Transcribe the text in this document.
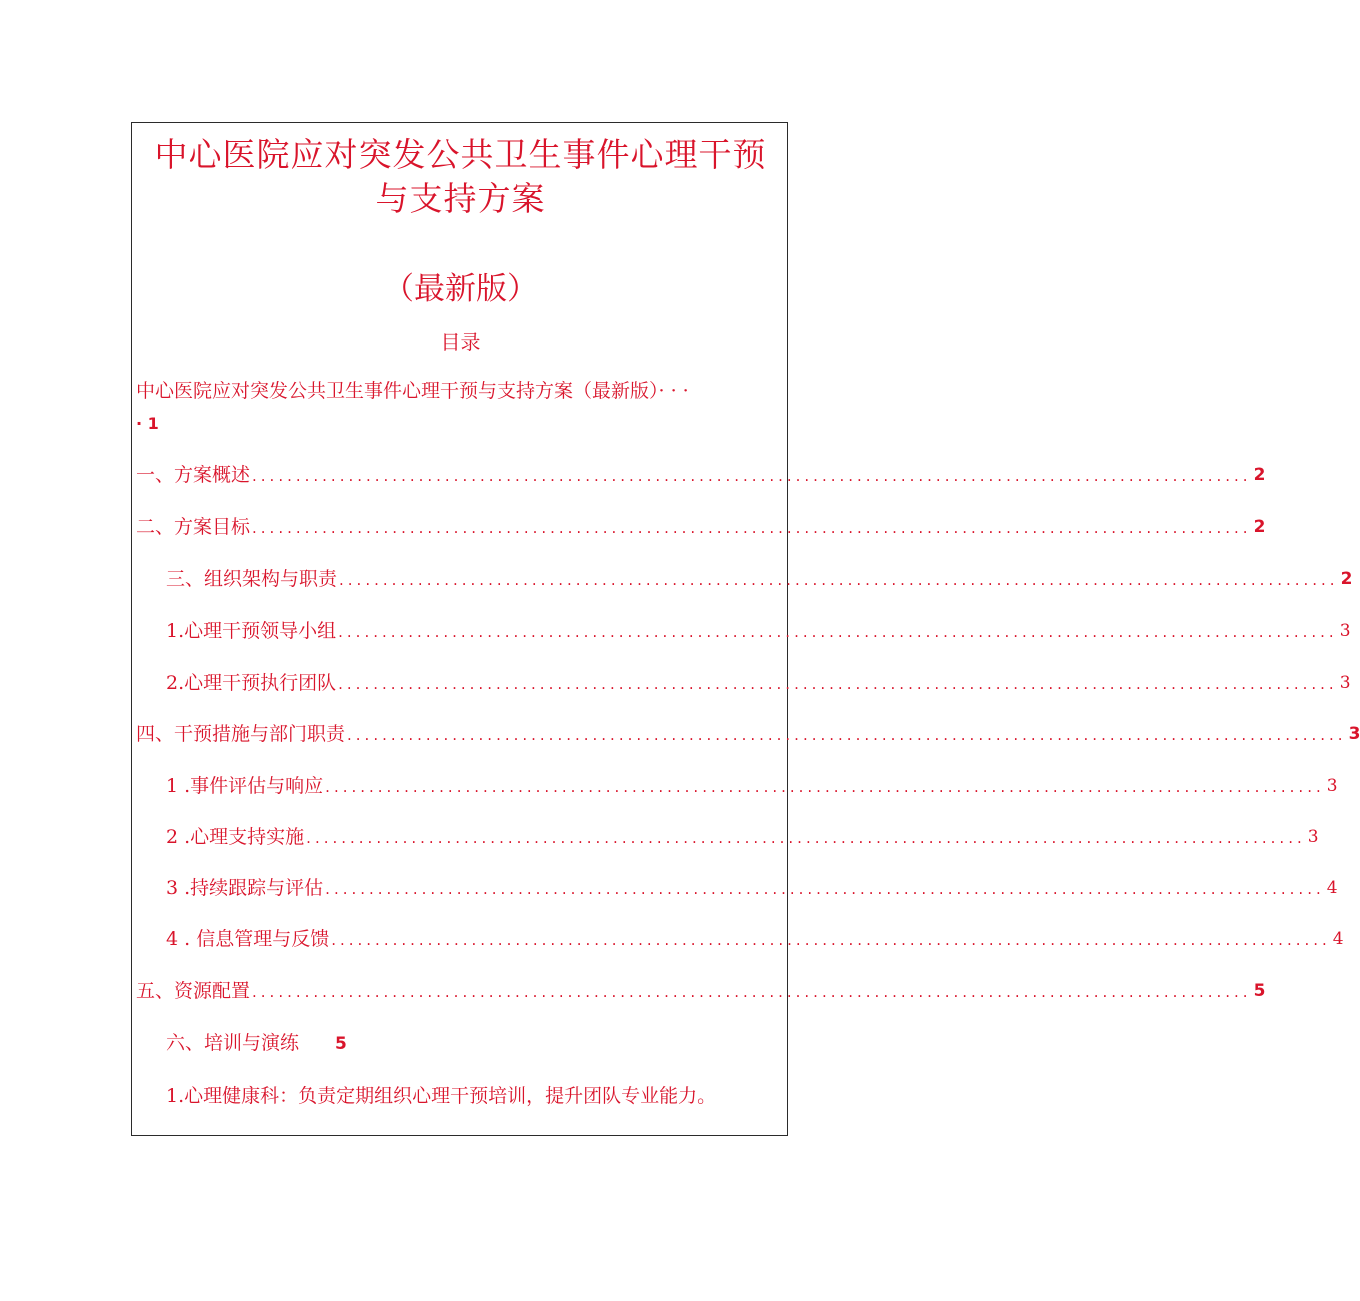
中心医院应对突发公共卫生事件心理干预
与支持方案
（最新版）
目录
中心医院应对突发公共卫生事件心理干预与支持方案（最新版）· · ·
· 1
一、方案概述 .................................................................................................................. 2
二、方案目标 .................................................................................................................. 2
三、组织架构与职责 .................................................................................................................. 2
1.心理干预领导小组 .................................................................................................................. 3
2.心理干预执行团队 .................................................................................................................. 3
四、干预措施与部门职责 .................................................................................................................. 3
1 .事件评估与响应 .................................................................................................................. 3
2 .心理支持实施 .................................................................................................................. 3
3 .持续跟踪与评估 .................................................................................................................. 4
4 . 信息管理与反馈 .................................................................................................................. 4
五、资源配置 .................................................................................................................. 5
六、培训与演练 5
1.心理健康科：负责定期组织心理干预培训，提升团队专业能力。
